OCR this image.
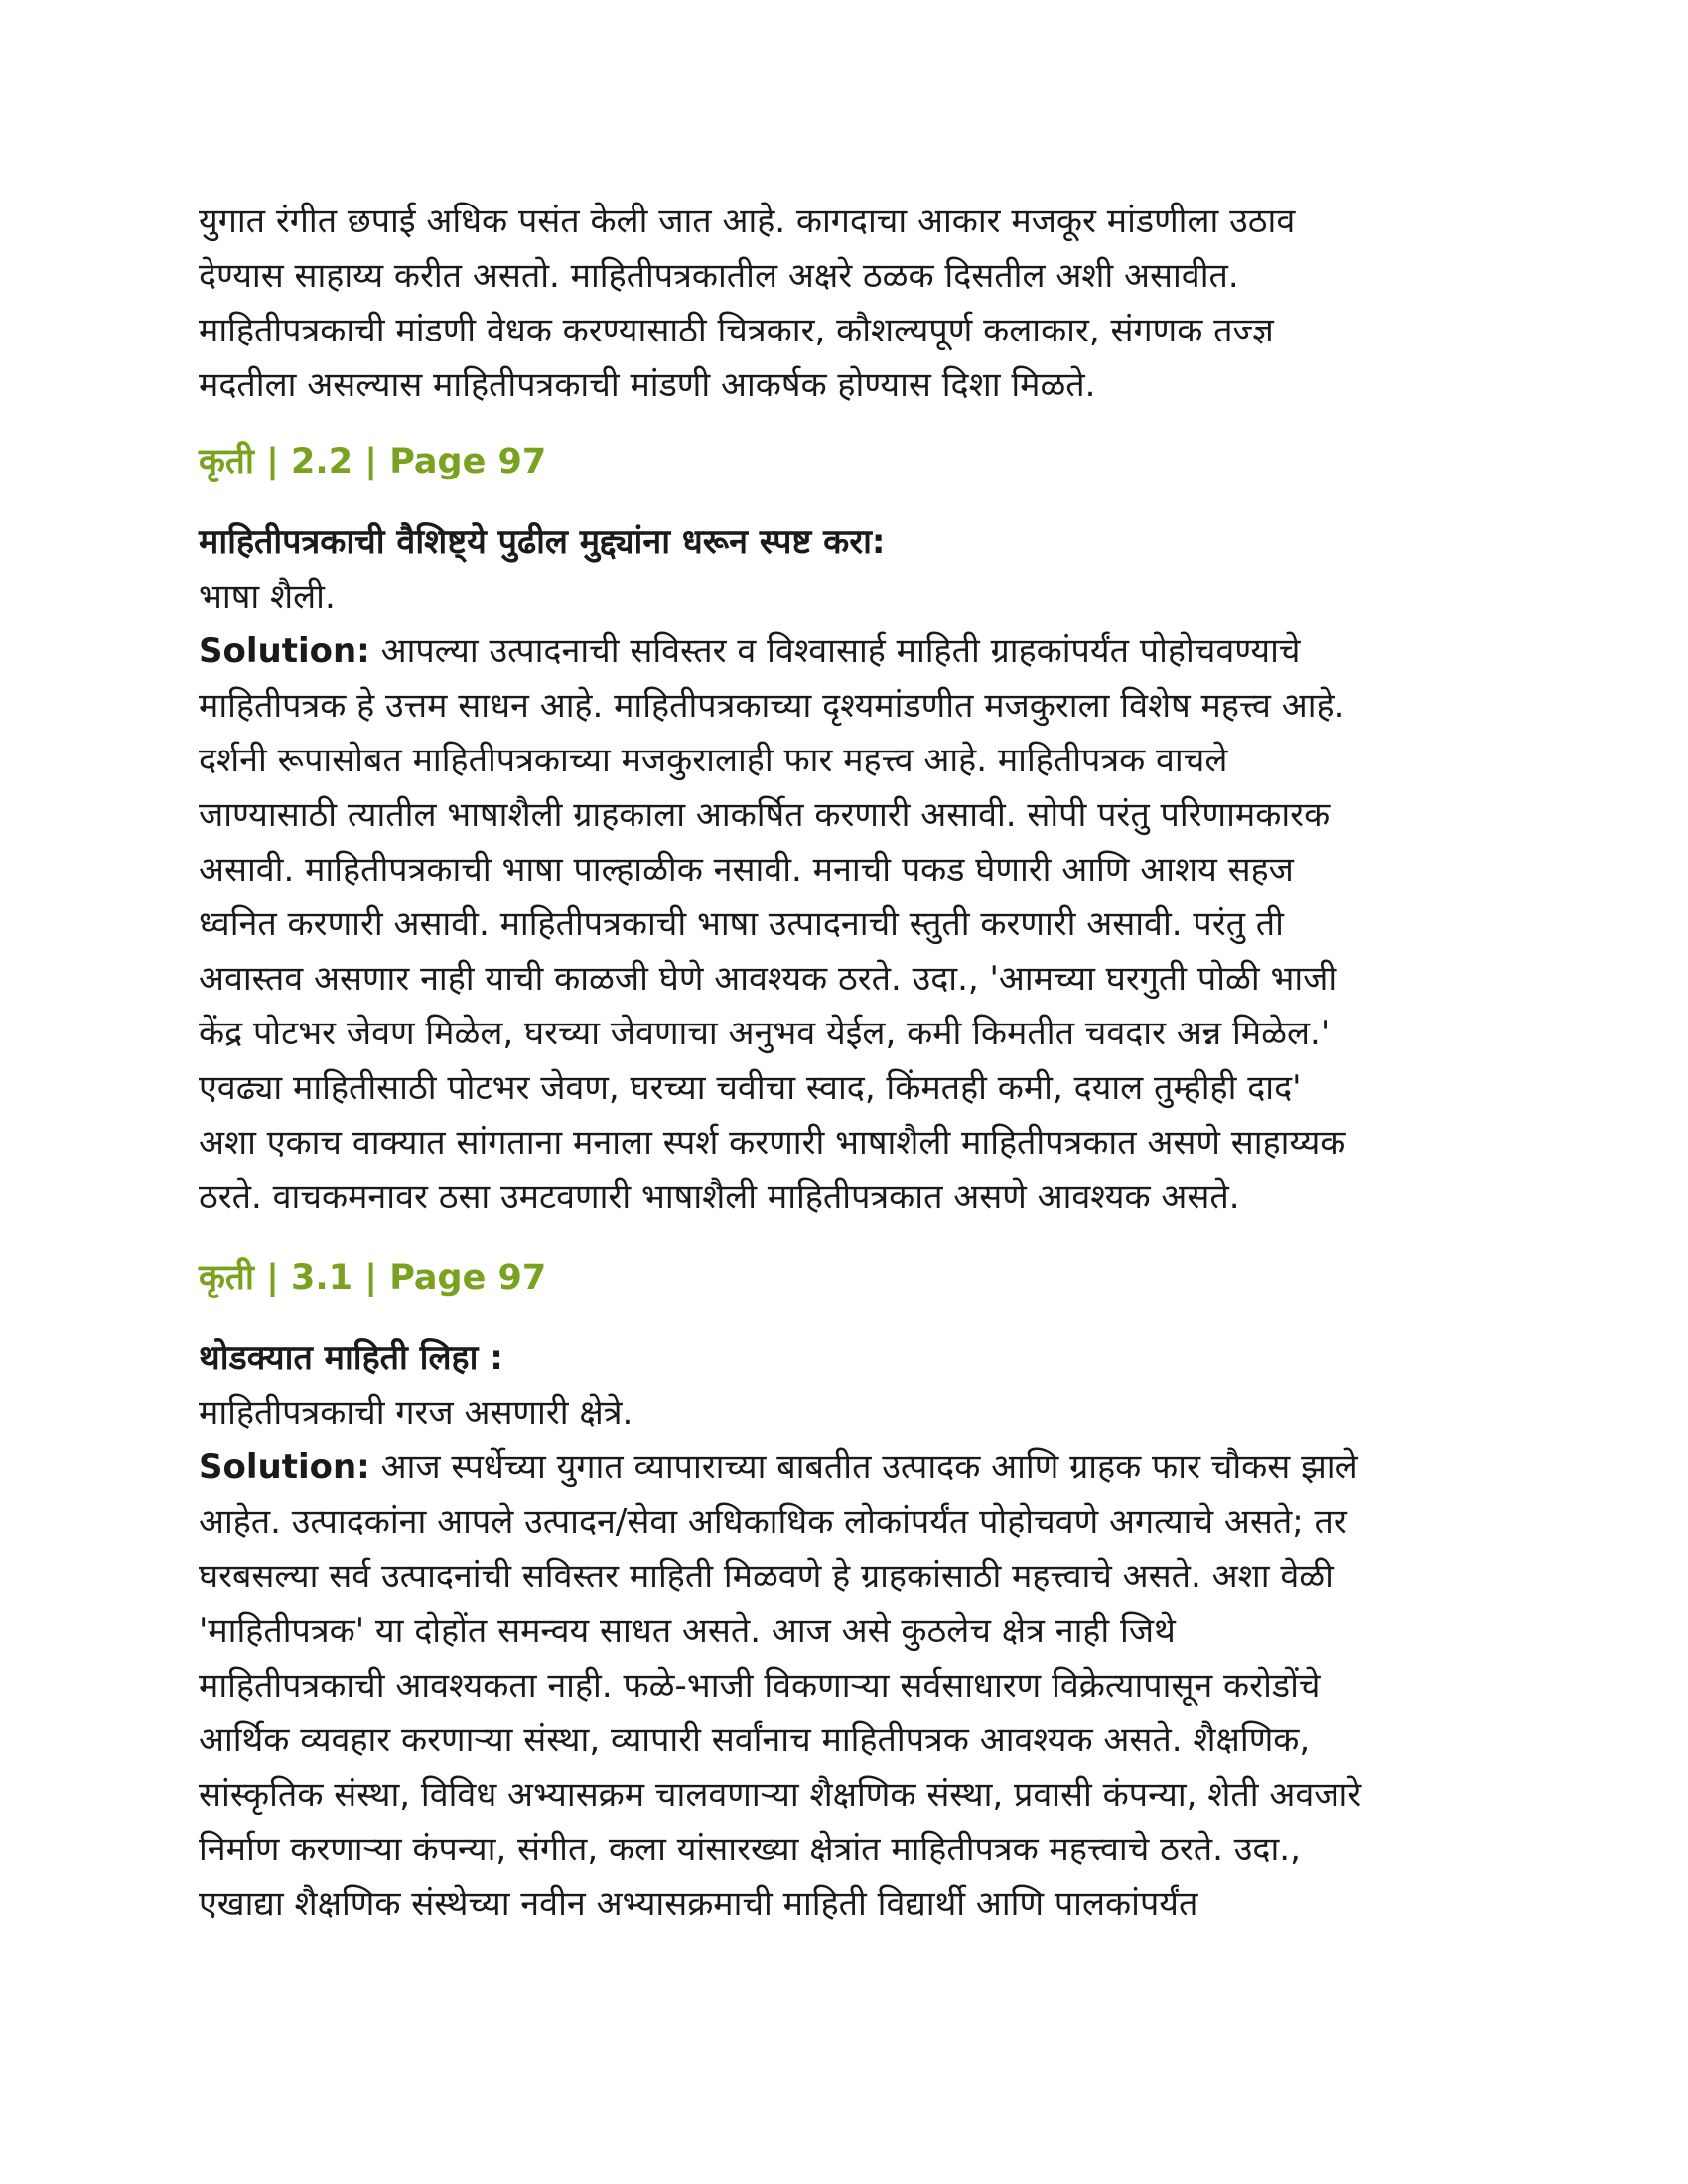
युगात रंगीत छपाई अधिक पसंत केली जात आहे. कागदाचा आकार मजकूर मांडणीला उठाव
देण्यास साहाय्य करीत असतो. माहितीपत्रकातील अक्षरे ठळक दिसतील अशी असावीत.
माहितीपत्रकाची मांडणी वेधक करण्यासाठी चित्रकार, कौशल्यपूर्ण कलाकार, संगणक तज्ज्ञ
मदतीला असल्यास माहितीपत्रकाची मांडणी आकर्षक होण्यास दिशा मिळते.

कृती | 2.2 | Page 97
माहितीपत्रकाची वैशिष्ट्ये पुढील मुद्द्यांना धरून स्पष्ट करा:
भाषा शैली.

Solution: आपल्या उत्पादनाची सविस्तर व विश्वासार्ह माहिती ग्राहकांपर्यंत पोहोचवण्याचे
माहितीपत्रक हे उत्तम साधन आहे. माहितीपत्रकाच्या दृश्यमांडणीत मजकुराला विशेष महत्त्व आहे.
दर्शनी रूपासोबत माहितीपत्रकाच्या मजकुरालाही फार महत्त्व आहे. माहितीपत्रक वाचले
जाण्यासाठी त्यातील भाषाशैली ग्राहकाला आकर्षित करणारी असावी. सोपी परंतु परिणामकारक
असावी. माहितीपत्रकाची भाषा पाल्हाळीक नसावी. मनाची पकड घेणारी आणि आशय सहज
ध्वनित करणारी असावी. माहितीपत्रकाची भाषा उत्पादनाची स्तुती करणारी असावी. परंतु ती
अवास्तव असणार नाही याची काळजी घेणे आवश्यक ठरते. उदा., 'आमच्या घरगुती पोळी भाजी
केंद्र पोटभर जेवण मिळेल, घरच्या जेवणाचा अनुभव येईल, कमी किमतीत चवदार अन्न मिळेल.'
एवढ्या माहितीसाठी पोटभर जेवण, घरच्या चवीचा स्वाद, किंमतही कमी, दयाल तुम्हीही दाद'
अशा एकाच वाक्यात सांगताना मनाला स्पर्श करणारी भाषाशैली माहितीपत्रकात असणे साहाय्यक
ठरते. वाचकमनावर ठसा उमटवणारी भाषाशैली माहितीपत्रकात असणे आवश्यक असते.

कृती | 3.1 | Page 97
थोडक्यात माहिती लिहा :
माहितीपत्रकाची गरज असणारी क्षेत्रे.

Solution: आज स्पर्धेच्या युगात व्यापाराच्या बाबतीत उत्पादक आणि ग्राहक फार चौकस झाले
आहेत. उत्पादकांना आपले उत्पादन/सेवा अधिकाधिक लोकांपर्यंत पोहोचवणे अगत्याचे असते; तर
घरबसल्या सर्व उत्पादनांची सविस्तर माहिती मिळवणे हे ग्राहकांसाठी महत्त्वाचे असते. अशा वेळी
'माहितीपत्रक' या दोहोंत समन्वय साधत असते. आज असे कुठलेच क्षेत्र नाही जिथे
माहितीपत्रकाची आवश्यकता नाही. फळे-भाजी विकणाऱ्या सर्वसाधारण विक्रेत्यापासून करोडोंचे
आर्थिक व्यवहार करणाऱ्या संस्था, व्यापारी सर्वांनाच माहितीपत्रक आवश्यक असते. शैक्षणिक,
सांस्कृतिक संस्था, विविध अभ्यासक्रम चालवणाऱ्या शैक्षणिक संस्था, प्रवासी कंपन्या, शेती अवजारे
निर्माण करणाऱ्या कंपन्या, संगीत, कला यांसारख्या क्षेत्रांत माहितीपत्रक महत्त्वाचे ठरते. उदा.,
एखाद्या शैक्षणिक संस्थेच्या नवीन अभ्यासक्रमाची माहिती विद्यार्थी आणि पालकांपर्यंत
